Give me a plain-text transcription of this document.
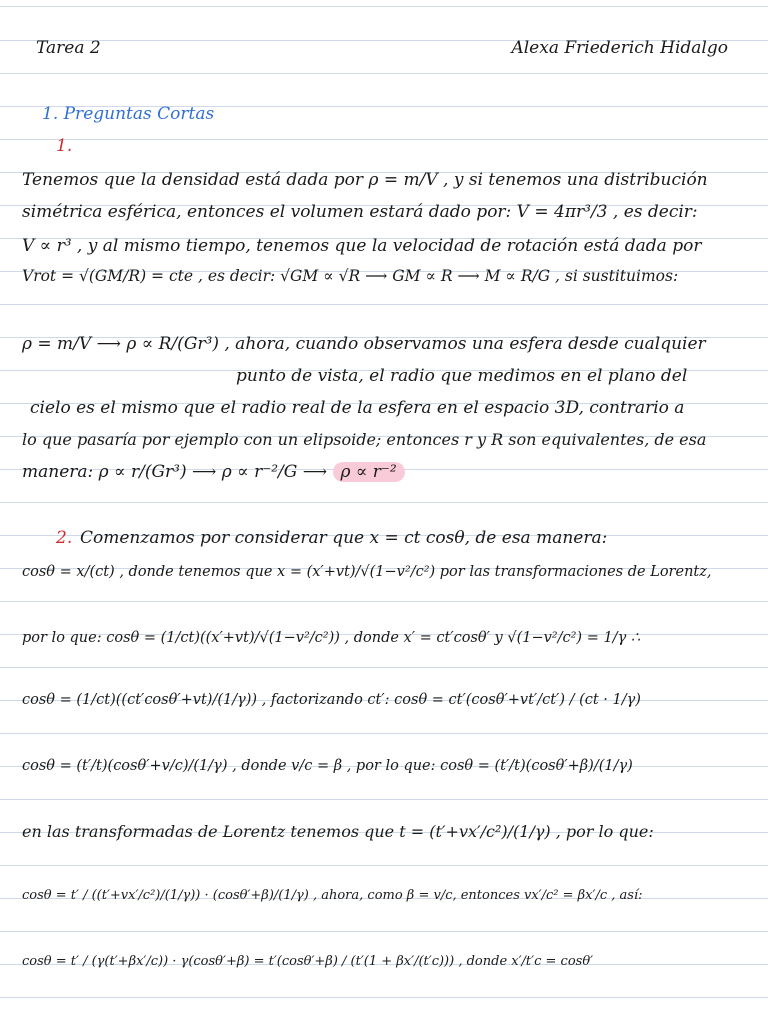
Tarea 2	Alexa Friederich Hidalgo
1. Preguntas Cortas
1.
Tenemos que la densidad está dada por ρ = m/V , y si tenemos una distribución
simétrica esférica, entonces el volumen estará dado por: V = 4πr³/3 , es decir:
V ∝ r³ , y al mismo tiempo, tenemos que la velocidad de rotación está dada por
Vrot = √(GM/R) = cte , es decir: √GM ∝ √R ⟶ GM ∝ R ⟶ M ∝ R/G , si sustituimos:
ρ = m/V ⟶ ρ ∝ R/(Gr³) , ahora, cuando observamos una esfera desde cualquier
punto de vista, el radio que medimos en el plano del
cielo es el mismo que el radio real de la esfera en el espacio 3D, contrario a
lo que pasaría por ejemplo con un elipsoide; entonces r y R son equivalentes, de esa
manera: ρ ∝ r/(Gr³) ⟶ ρ ∝ r⁻²/G ⟶ ρ ∝ r⁻²
2. Comenzamos por considerar que x = ct cosθ, de esa manera:
cosθ = x/(ct) , donde tenemos que x = (x′+vt)/√(1−v²/c²) por las transformaciones de Lorentz,
por lo que: cosθ = (1/ct)((x′+vt)/√(1−v²/c²)) , donde x′ = ct′cosθ′ y √(1−v²/c²) = 1/γ ∴
cosθ = (1/ct)((ct′cosθ′+vt)/(1/γ)) , factorizando ct′: cosθ = ct′(cosθ′+vt′/ct′) / (ct · 1/γ)
cosθ = (t′/t)(cosθ′+v/c)/(1/γ) , donde v/c = β , por lo que: cosθ = (t′/t)(cosθ′+β)/(1/γ)
en las transformadas de Lorentz tenemos que t = (t′+vx′/c²)/(1/γ) , por lo que:
cosθ = t′ / ((t′+vx′/c²)/(1/γ)) · (cosθ′+β)/(1/γ) , ahora, como β = v/c, entonces vx′/c² = βx′/c , así:
cosθ = t′ / (γ(t′+βx′/c)) · γ(cosθ′+β) = t′(cosθ′+β) / (t′(1 + βx′/(t′c))) , donde x′/t′c = cosθ′
